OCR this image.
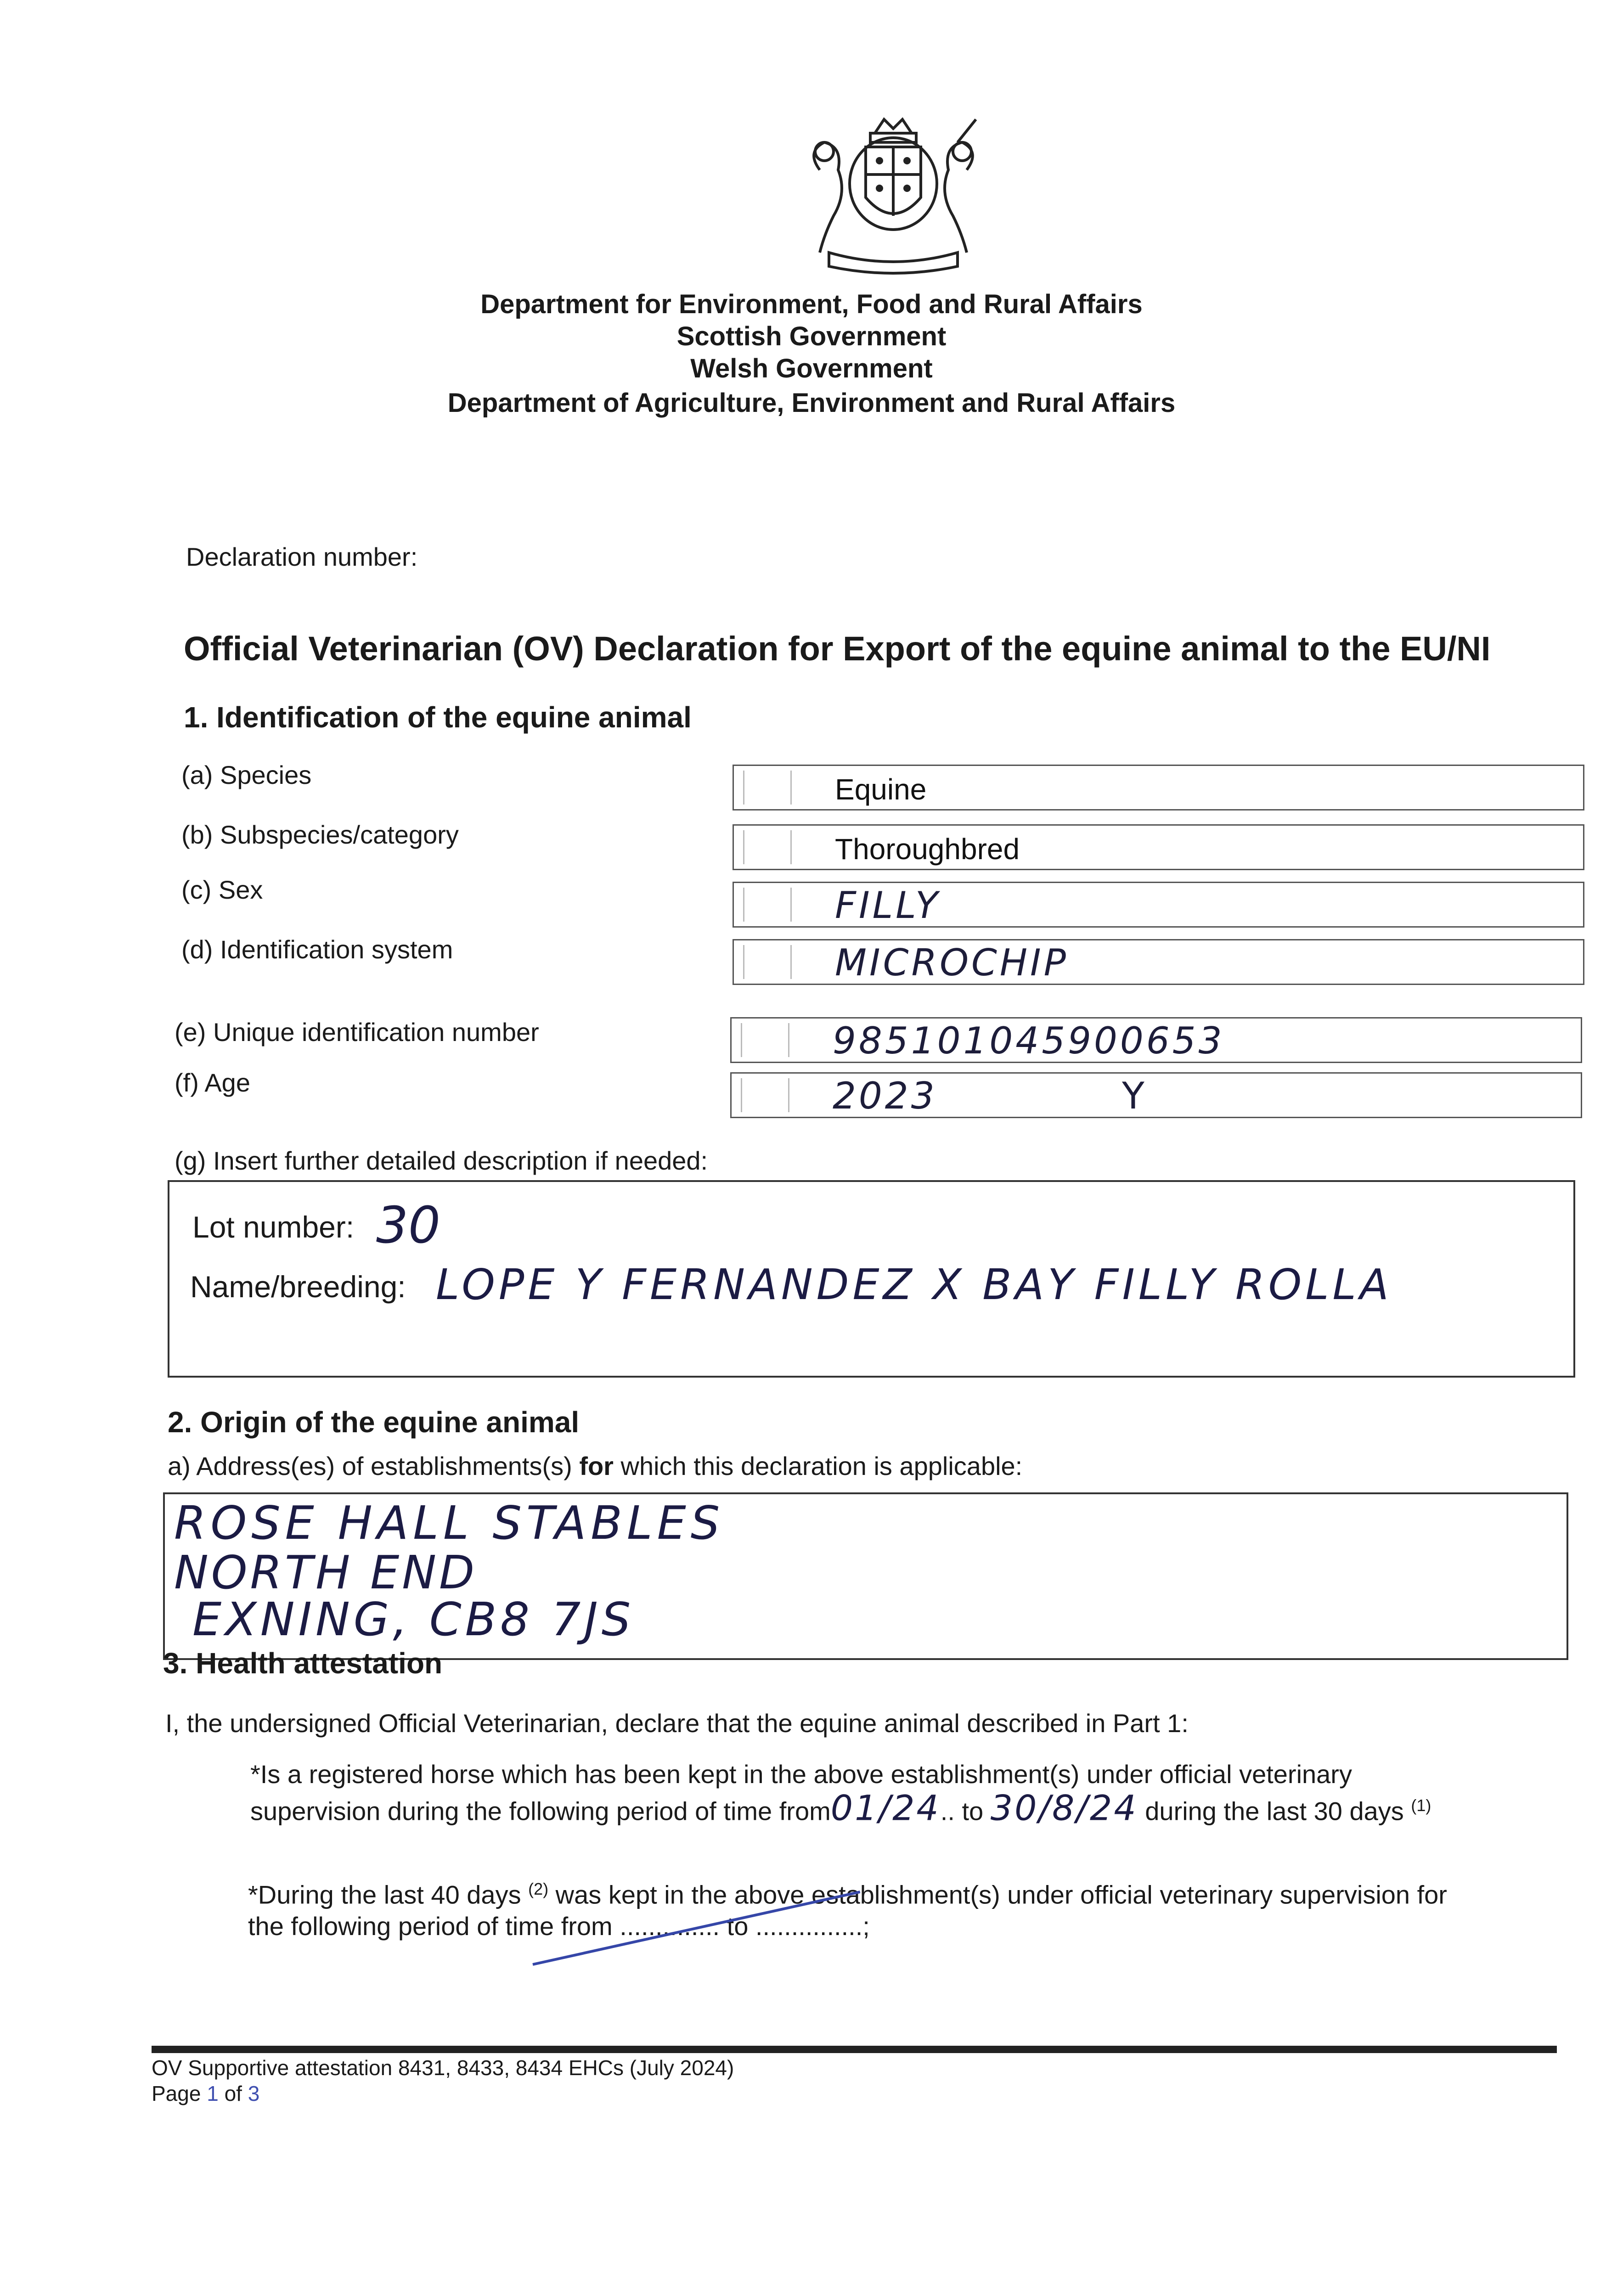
Department for Environment, Food and Rural Affairs
Scottish Government
Welsh Government
Department of Agriculture, Environment and Rural Affairs
Declaration number:
Official Veterinarian (OV) Declaration for Export of the equine animal to the EU/NI
1. Identification of the equine animal
(a) Species	Equine
(b) Subspecies/category	Thoroughbred
(c) Sex	FILLY
(d) Identification system	MICROCHIP
(e) Unique identification number	985101045900653
(f) Age	2023	Y
(g) Insert further detailed description if needed:
Lot number: 30
Name/breeding: LOPE Y FERNANDEZ X BAY FILLY ROLLA
2. Origin of the equine animal
a) Address(es) of establishments(s) for which this declaration is applicable:
ROSE HALL STABLES
NORTH END
EXNING, CB8 7JS
3. Health attestation
I, the undersigned Official Veterinarian, declare that the equine animal described in Part 1:
*Is a registered horse which has been kept in the above establishment(s) under official veterinary
supervision during the following period of time from01/24.. to 30/8/24 during the last 30 days $^{(1)}$
*During the last 40 days $^{(2)}$ was kept in the above establishment(s) under official veterinary supervision for
the following period of time from .............. to ...............;
OV Supportive attestation 8431, 8433, 8434 EHCs (July 2024)
Page 1 of 3
